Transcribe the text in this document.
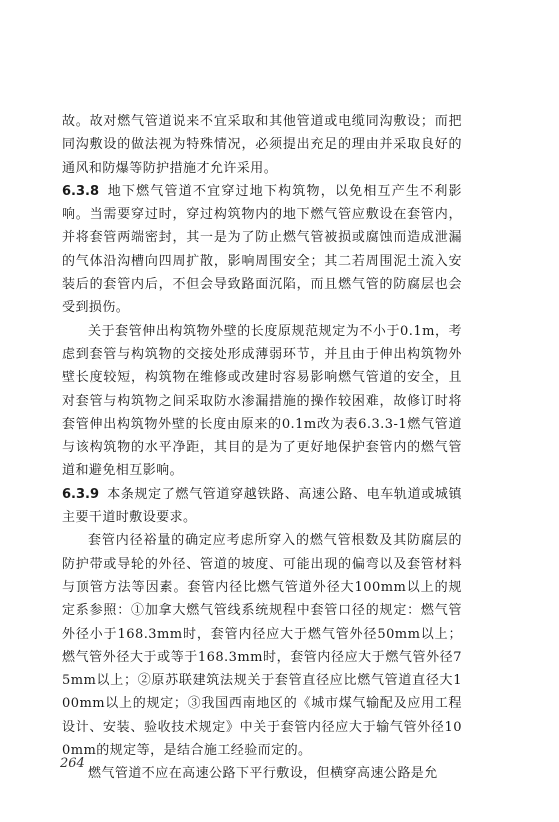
故。故对燃气管道说来不宜采取和其他管道或电缆同沟敷设；而把同沟敷设的做法视为特殊情况，必须提出充足的理由并采取良好的通风和防爆等防护措施才允许采用。

6.3.8 地下燃气管道不宜穿过地下构筑物，以免相互产生不利影响。当需要穿过时，穿过构筑物内的地下燃气管应敷设在套管内，并将套管两端密封，其一是为了防止燃气管被损或腐蚀而造成泄漏的气体沿沟槽向四周扩散，影响周围安全；其二若周围泥土流入安装后的套管内后，不但会导致路面沉陷，而且燃气管的防腐层也会受到损伤。

关于套管伸出构筑物外壁的长度原规范规定为不小于0.1m，考虑到套管与构筑物的交接处形成薄弱环节，并且由于伸出构筑物外壁长度较短，构筑物在维修或改建时容易影响燃气管道的安全，且对套管与构筑物之间采取防水渗漏措施的操作较困难，故修订时将套管伸出构筑物外壁的长度由原来的0.1m改为表6.3.3-1燃气管道与该构筑物的水平净距，其目的是为了更好地保护套管内的燃气管道和避免相互影响。

6.3.9 本条规定了燃气管道穿越铁路、高速公路、电车轨道或城镇主要干道时敷设要求。

套管内径裕量的确定应考虑所穿入的燃气管根数及其防腐层的防护带或导轮的外径、管道的坡度、可能出现的偏弯以及套管材料与顶管方法等因素。套管内径比燃气管道外径大100mm以上的规定系参照：①加拿大燃气管线系统规程中套管口径的规定：燃气管外径小于168.3mm时，套管内径应大于燃气管外径50mm以上；燃气管外径大于或等于168.3mm时，套管内径应大于燃气管外径75mm以上；②原苏联建筑法规关于套管直径应比燃气管道直径大100mm以上的规定；③我国西南地区的《城市煤气输配及应用工程设计、安装、验收技术规定》中关于套管内径应大于输气管外径100mm的规定等，是结合施工经验而定的。

燃气管道不应在高速公路下平行敷设，但横穿高速公路是允

264
